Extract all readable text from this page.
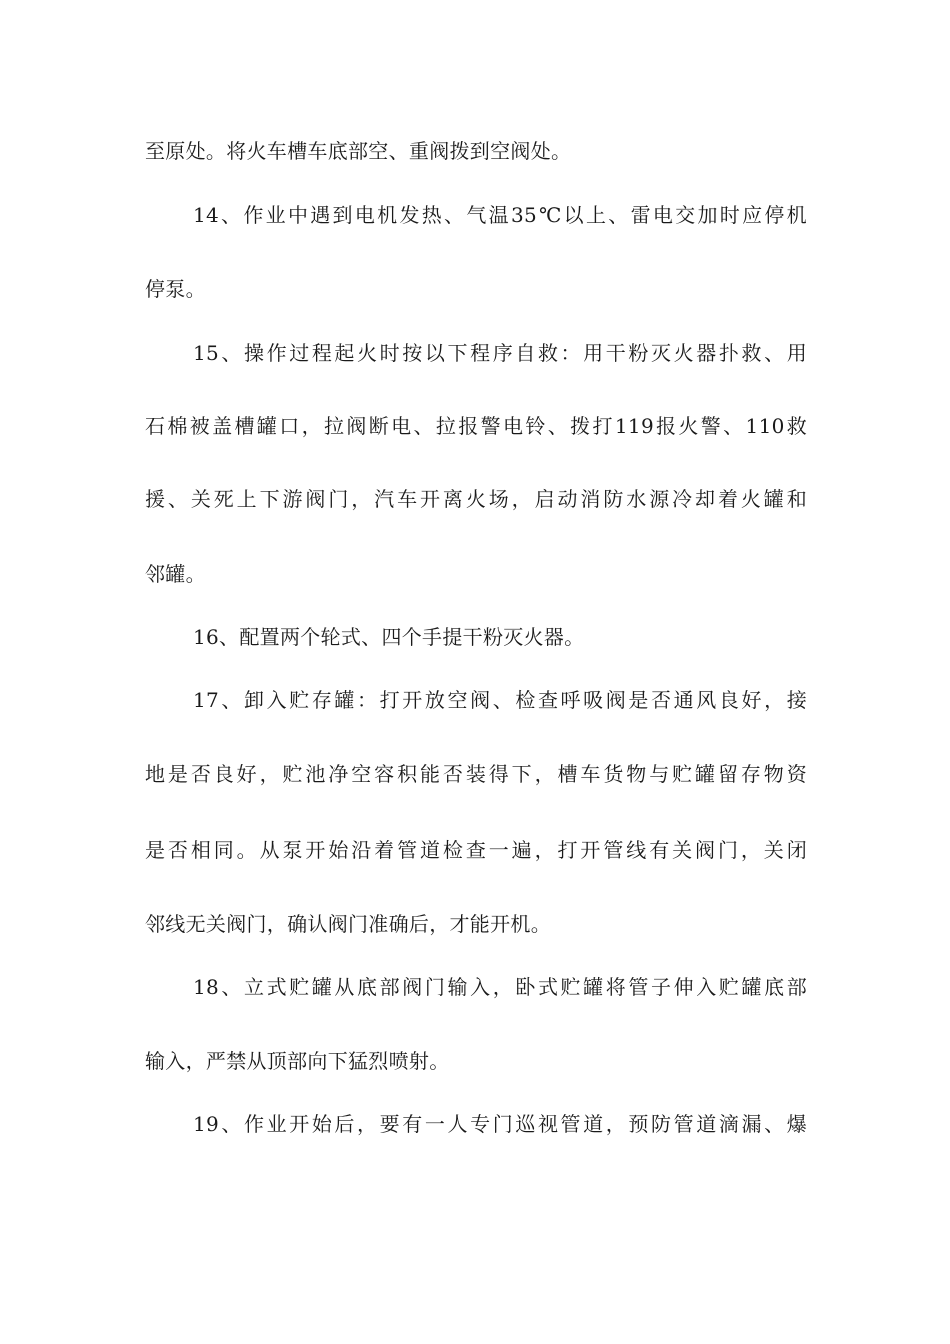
至原处。将火车槽车底部空、重阀拨到空阀处。
14、作业中遇到电机发热、气温35℃以上、雷电交加时应停机
停泵。
15、操作过程起火时按以下程序自救：用干粉灭火器扑救、用
石棉被盖槽罐口，拉阀断电、拉报警电铃、拨打119报火警、110救
援、关死上下游阀门，汽车开离火场，启动消防水源冷却着火罐和
邻罐。
16、配置两个轮式、四个手提干粉灭火器。
17、卸入贮存罐：打开放空阀、检查呼吸阀是否通风良好，接
地是否良好，贮池净空容积能否装得下，槽车货物与贮罐留存物资
是否相同。从泵开始沿着管道检查一遍，打开管线有关阀门，关闭
邻线无关阀门，确认阀门准确后，才能开机。
18、立式贮罐从底部阀门输入，卧式贮罐将管子伸入贮罐底部
输入，严禁从顶部向下猛烈喷射。
19、作业开始后，要有一人专门巡视管道，预防管道滴漏、爆
